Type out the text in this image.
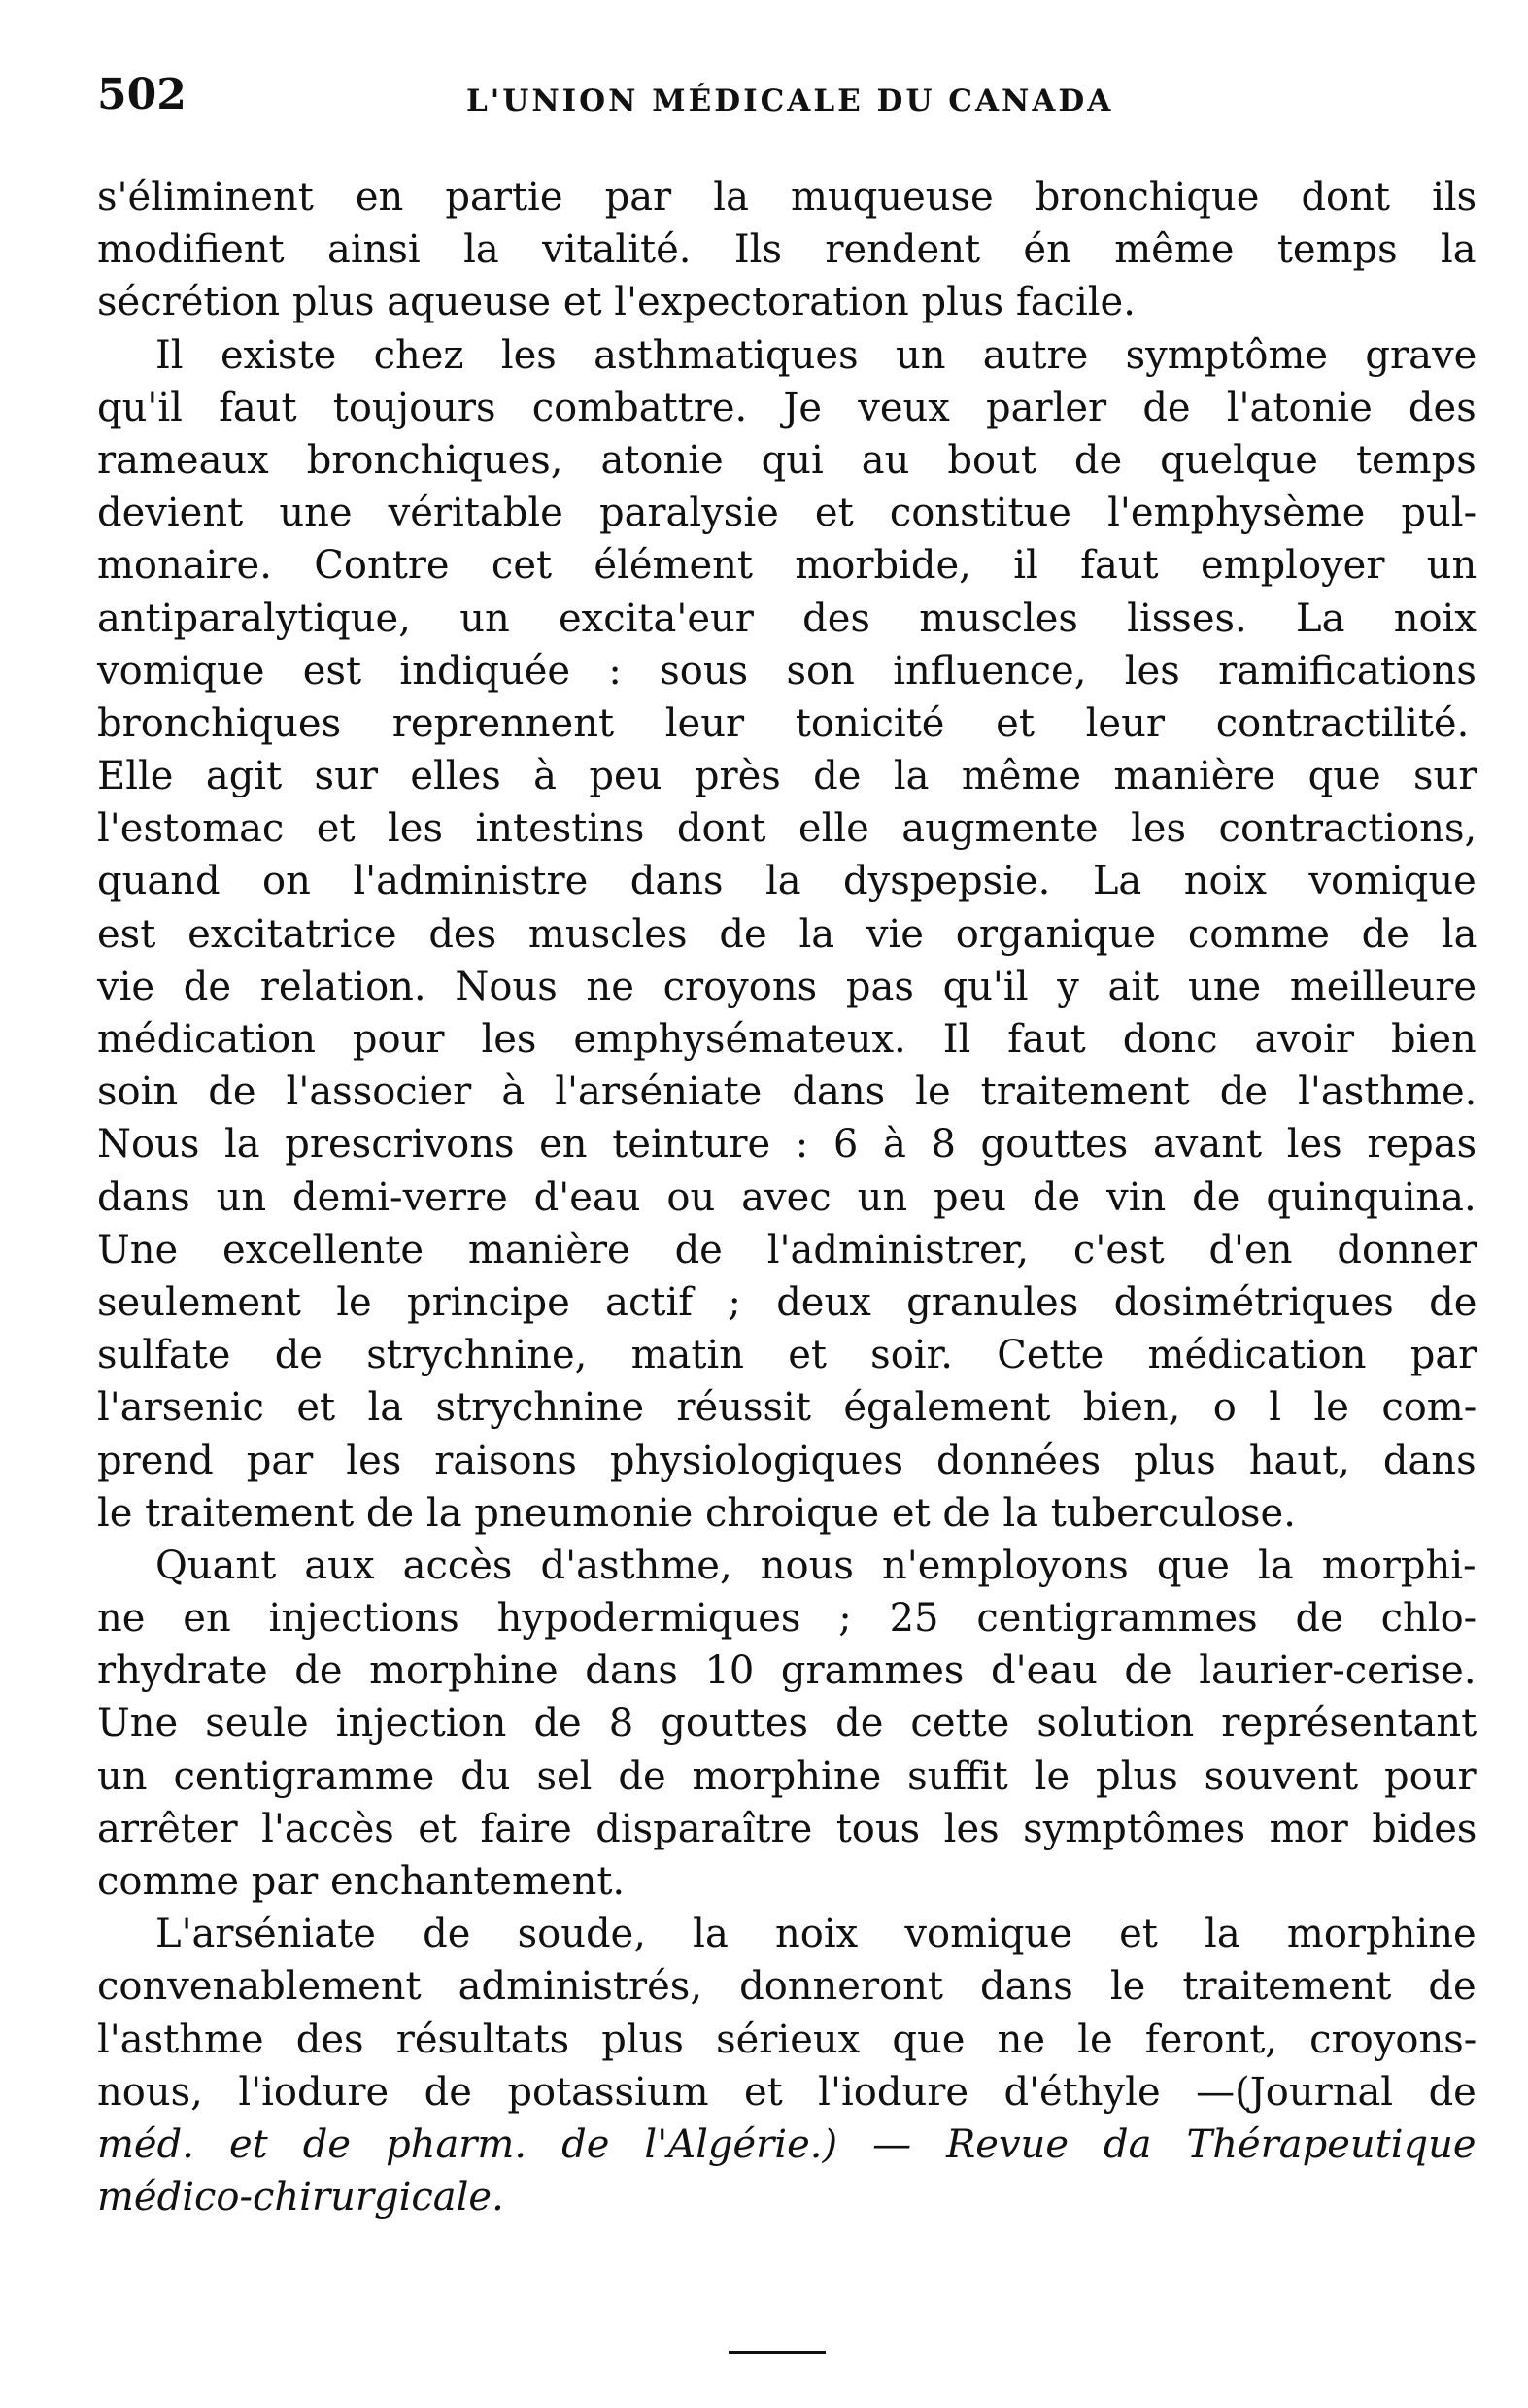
502	L'UNION MÉDICALE DU CANADA
s'éliminent en partie par la muqueuse bronchique dont ils
modifient ainsi la vitalité. Ils rendent én même temps la
sécrétion plus aqueuse et l'expectoration plus facile.
Il existe chez les asthmatiques un autre symptôme grave
qu'il faut toujours combattre. Je veux parler de l'atonie des
rameaux bronchiques, atonie qui au bout de quelque temps
devient une véritable paralysie et constitue l'emphysème pul-
monaire. Contre cet élément morbide, il faut employer un
antiparalytique, un excita'eur des muscles lisses. La noix
vomique est indiquée : sous son influence, les ramifications
bronchiques reprennent leur tonicité et leur contractilité.
Elle agit sur elles à peu près de la même manière que sur
l'estomac et les intestins dont elle augmente les contractions,
quand on l'administre dans la dyspepsie. La noix vomique
est excitatrice des muscles de la vie organique comme de la
vie de relation. Nous ne croyons pas qu'il y ait une meilleure
médication pour les emphysémateux. Il faut donc avoir bien
soin de l'associer à l'arséniate dans le traitement de l'asthme.
Nous la prescrivons en teinture : 6 à 8 gouttes avant les repas
dans un demi-verre d'eau ou avec un peu de vin de quinquina.
Une excellente manière de l'administrer, c'est d'en donner
seulement le principe actif ; deux granules dosimétriques de
sulfate de strychnine, matin et soir. Cette médication par
l'arsenic et la strychnine réussit également bien, o l le com-
prend par les raisons physiologiques données plus haut, dans
le traitement de la pneumonie chroique et de la tuberculose.
Quant aux accès d'asthme, nous n'employons que la morphi-
ne en injections hypodermiques ; 25 centigrammes de chlo-
rhydrate de morphine dans 10 grammes d'eau de laurier-cerise.
Une seule injection de 8 gouttes de cette solution représentant
un centigramme du sel de morphine suffit le plus souvent pour
arrêter l'accès et faire disparaître tous les symptômes mor bides
comme par enchantement.
L'arséniate de soude, la noix vomique et la morphine
convenablement administrés, donneront dans le traitement de
l'asthme des résultats plus sérieux que ne le feront, croyons-
nous, l'iodure de potassium et l'iodure d'éthyle —(Journal de
méd. et de pharm. de l'Algérie.) — Revue da Thérapeutique
médico-chirurgicale.
